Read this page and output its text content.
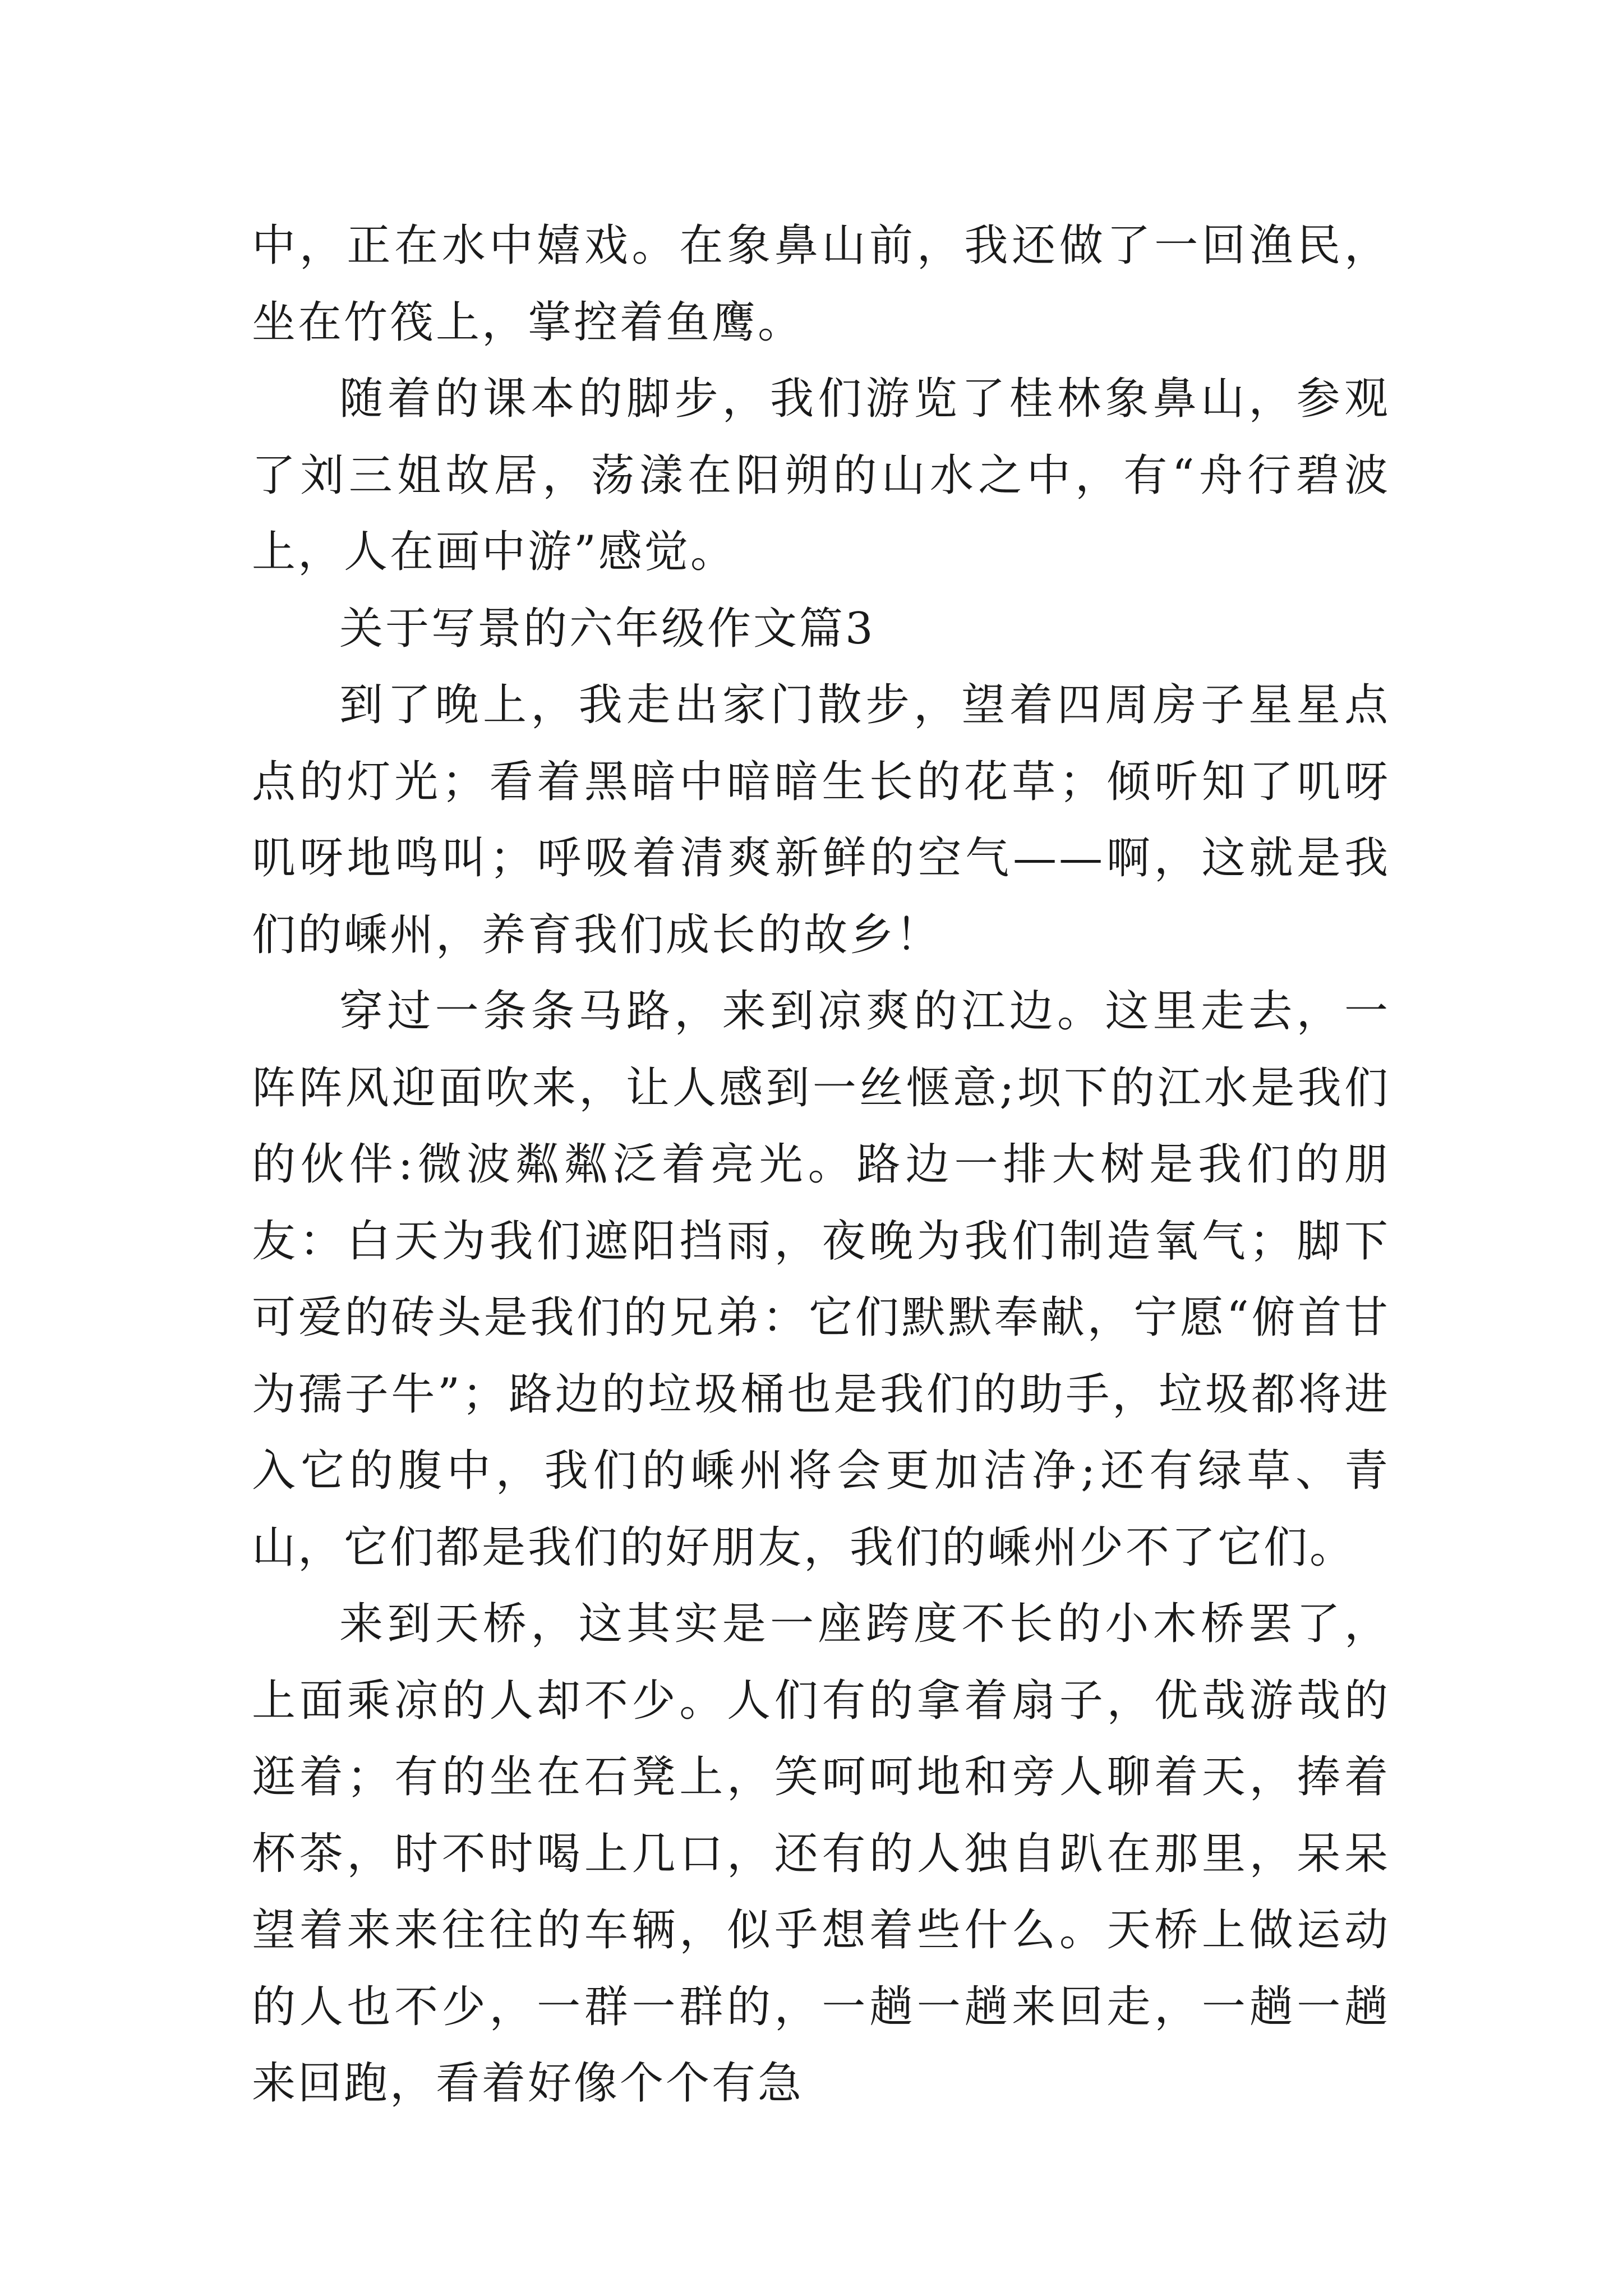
中，正在水中嬉戏。在象鼻山前，我还做了一回渔民，坐在竹筏上，掌控着鱼鹰。

随着的课本的脚步，我们游览了桂林象鼻山，参观了刘三姐故居，荡漾在阳朔的山水之中，有“舟行碧波上，人在画中游”感觉。

关于写景的六年级作文篇3

到了晚上，我走出家门散步，望着四周房子星星点点的灯光；看着黑暗中暗暗生长的花草；倾听知了叽呀叽呀地鸣叫；呼吸着清爽新鲜的空气——啊，这就是我们的嵊州，养育我们成长的故乡！

穿过一条条马路，来到凉爽的江边。这里走去，一阵阵风迎面吹来，让人感到一丝惬意;坝下的江水是我们的伙伴:微波粼粼泛着亮光。路边一排大树是我们的朋友：白天为我们遮阳挡雨，夜晚为我们制造氧气；脚下可爱的砖头是我们的兄弟：它们默默奉献，宁愿“俯首甘为孺子牛”；路边的垃圾桶也是我们的助手，垃圾都将进入它的腹中，我们的嵊州将会更加洁净;还有绿草、青山，它们都是我们的好朋友，我们的嵊州少不了它们。

来到天桥，这其实是一座跨度不长的小木桥罢了，上面乘凉的人却不少。人们有的拿着扇子，优哉游哉的逛着；有的坐在石凳上，笑呵呵地和旁人聊着天，捧着杯茶，时不时喝上几口，还有的人独自趴在那里，呆呆望着来来往往的车辆，似乎想着些什么。天桥上做运动的人也不少，一群一群的，一趟一趟来回走，一趟一趟来回跑，看着好像个个有急
